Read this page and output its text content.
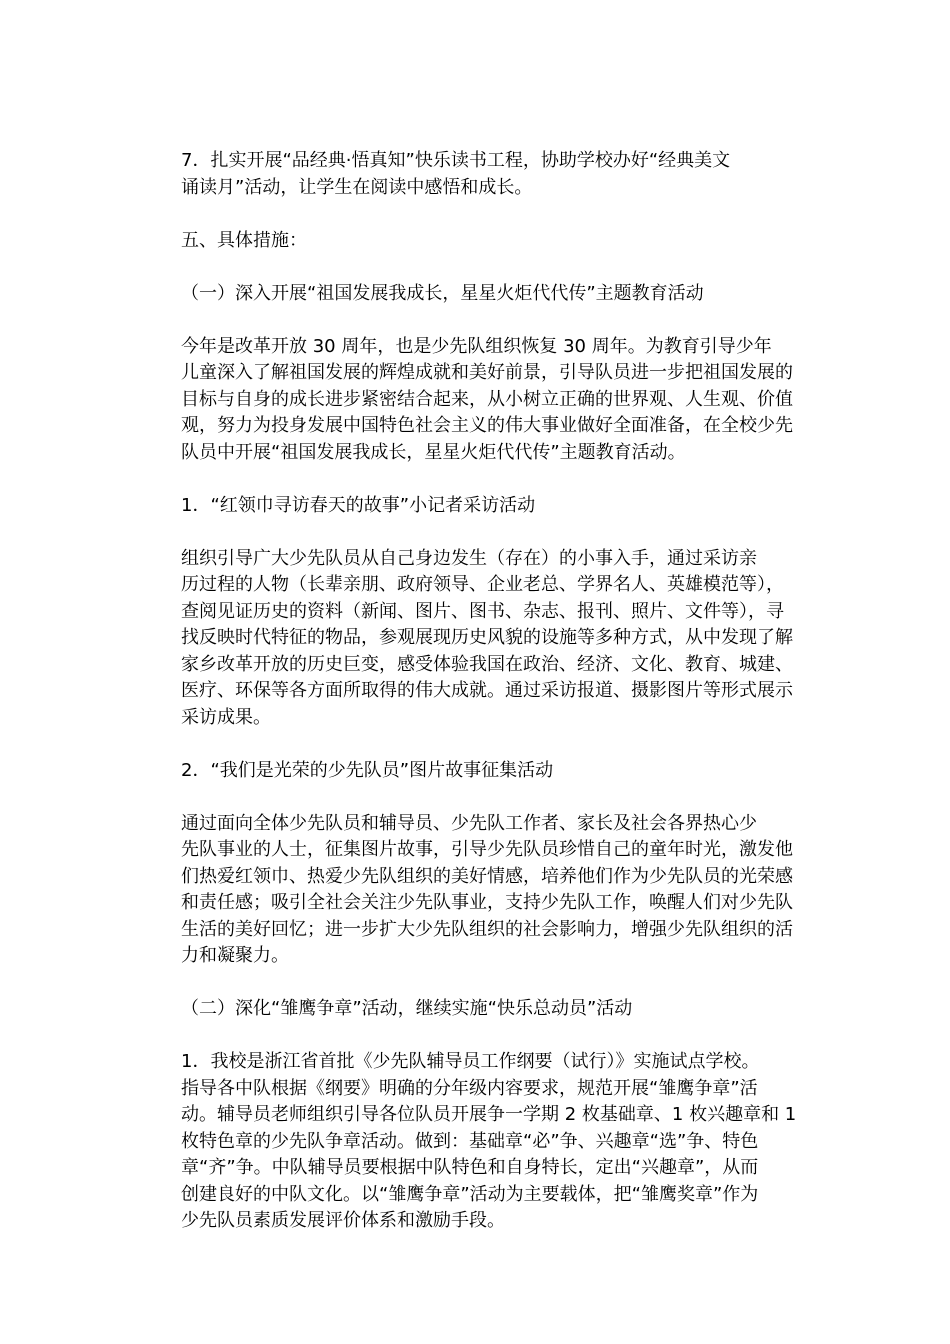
7．扎实开展“品经典·悟真知”快乐读书工程，协助学校办好“经典美文
诵读月”活动，让学生在阅读中感悟和成长。

五、具体措施：

（一）深入开展“祖国发展我成长，星星火炬代代传”主题教育活动

今年是改革开放 30 周年，也是少先队组织恢复 30 周年。为教育引导少年
儿童深入了解祖国发展的辉煌成就和美好前景，引导队员进一步把祖国发展的
目标与自身的成长进步紧密结合起来，从小树立正确的世界观、人生观、价值
观，努力为投身发展中国特色社会主义的伟大事业做好全面准备，在全校少先
队员中开展“祖国发展我成长，星星火炬代代传”主题教育活动。

1．“红领巾寻访春天的故事”小记者采访活动

组织引导广大少先队员从自己身边发生（存在）的小事入手，通过采访亲
历过程的人物（长辈亲朋、政府领导、企业老总、学界名人、英雄模范等），
查阅见证历史的资料（新闻、图片、图书、杂志、报刊、照片、文件等），寻
找反映时代特征的物品，参观展现历史风貌的设施等多种方式，从中发现了解
家乡改革开放的历史巨变，感受体验我国在政治、经济、文化、教育、城建、
医疗、环保等各方面所取得的伟大成就。通过采访报道、摄影图片等形式展示
采访成果。

2．“我们是光荣的少先队员”图片故事征集活动

通过面向全体少先队员和辅导员、少先队工作者、家长及社会各界热心少
先队事业的人士，征集图片故事，引导少先队员珍惜自己的童年时光，激发他
们热爱红领巾、热爱少先队组织的美好情感，培养他们作为少先队员的光荣感
和责任感；吸引全社会关注少先队事业，支持少先队工作，唤醒人们对少先队
生活的美好回忆；进一步扩大少先队组织的社会影响力，增强少先队组织的活
力和凝聚力。

（二）深化“雏鹰争章”活动，继续实施“快乐总动员”活动

1．我校是浙江省首批《少先队辅导员工作纲要（试行）》实施试点学校。
指导各中队根据《纲要》明确的分年级内容要求，规范开展“雏鹰争章”活
动。辅导员老师组织引导各位队员开展争一学期 2 枚基础章、1 枚兴趣章和 1
枚特色章的少先队争章活动。做到：基础章“必”争、兴趣章“选”争、特色
章“齐”争。中队辅导员要根据中队特色和自身特长，定出“兴趣章”，从而
创建良好的中队文化。以“雏鹰争章”活动为主要载体，把“雏鹰奖章”作为
少先队员素质发展评价体系和激励手段。
